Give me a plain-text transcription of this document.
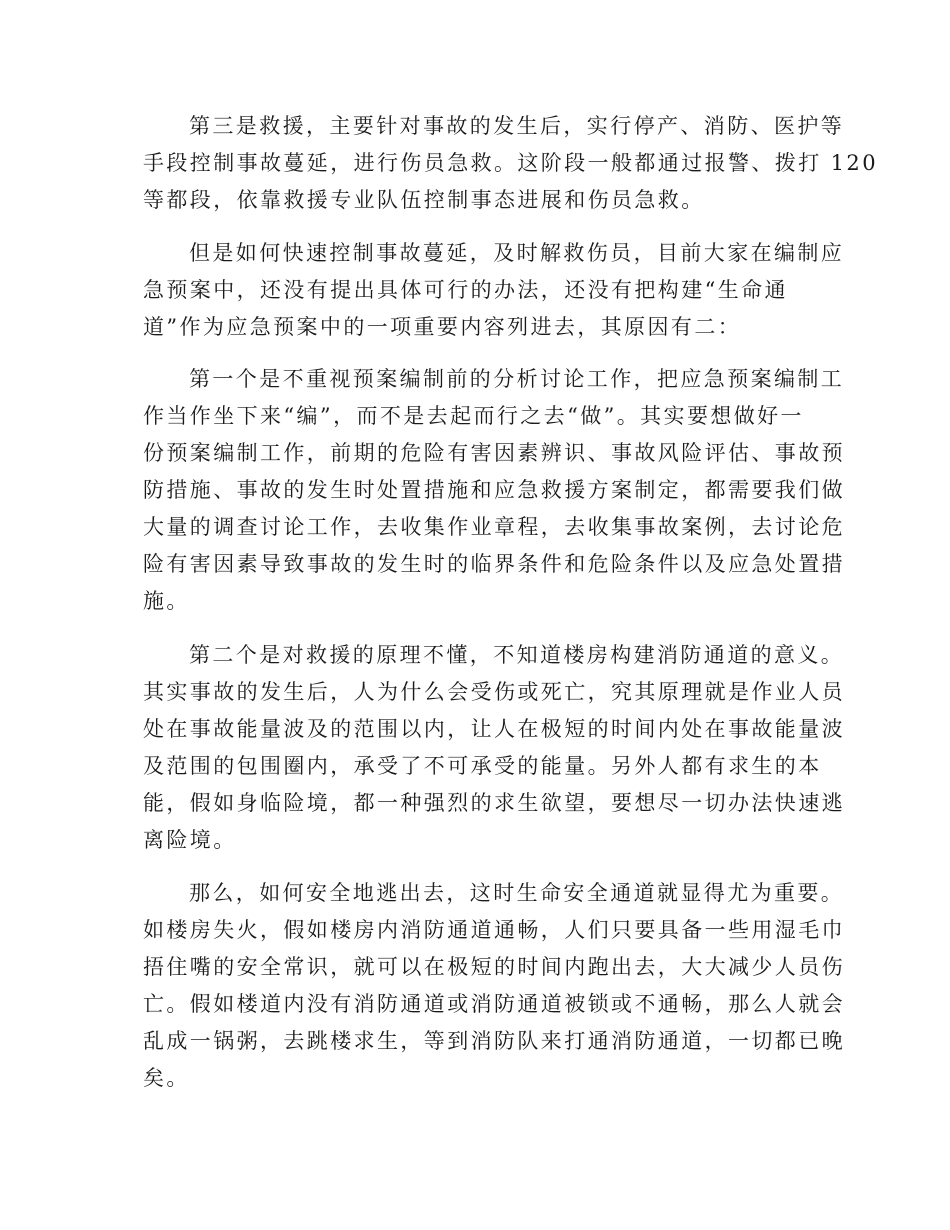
第三是救援，主要针对事故的发生后，实行停产、消防、医护等
手段控制事故蔓延，进行伤员急救。这阶段一般都通过报警、拨打 120
等都段，依靠救援专业队伍控制事态进展和伤员急救。
但是如何快速控制事故蔓延，及时解救伤员，目前大家在编制应
急预案中，还没有提出具体可行的办法，还没有把构建“生命通
道”作为应急预案中的一项重要内容列进去，其原因有二：
第一个是不重视预案编制前的分析讨论工作，把应急预案编制工
作当作坐下来“编”，而不是去起而行之去“做”。其实要想做好一
份预案编制工作，前期的危险有害因素辨识、事故风险评估、事故预
防措施、事故的发生时处置措施和应急救援方案制定，都需要我们做
大量的调查讨论工作，去收集作业章程，去收集事故案例，去讨论危
险有害因素导致事故的发生时的临界条件和危险条件以及应急处置措
施。
第二个是对救援的原理不懂，不知道楼房构建消防通道的意义。
其实事故的发生后，人为什么会受伤或死亡，究其原理就是作业人员
处在事故能量波及的范围以内，让人在极短的时间内处在事故能量波
及范围的包围圈内，承受了不可承受的能量。另外人都有求生的本
能，假如身临险境，都一种强烈的求生欲望，要想尽一切办法快速逃
离险境。
那么，如何安全地逃出去，这时生命安全通道就显得尤为重要。
如楼房失火，假如楼房内消防通道通畅，人们只要具备一些用湿毛巾
捂住嘴的安全常识，就可以在极短的时间内跑出去，大大减少人员伤
亡。假如楼道内没有消防通道或消防通道被锁或不通畅，那么人就会
乱成一锅粥，去跳楼求生，等到消防队来打通消防通道，一切都已晚
矣。
